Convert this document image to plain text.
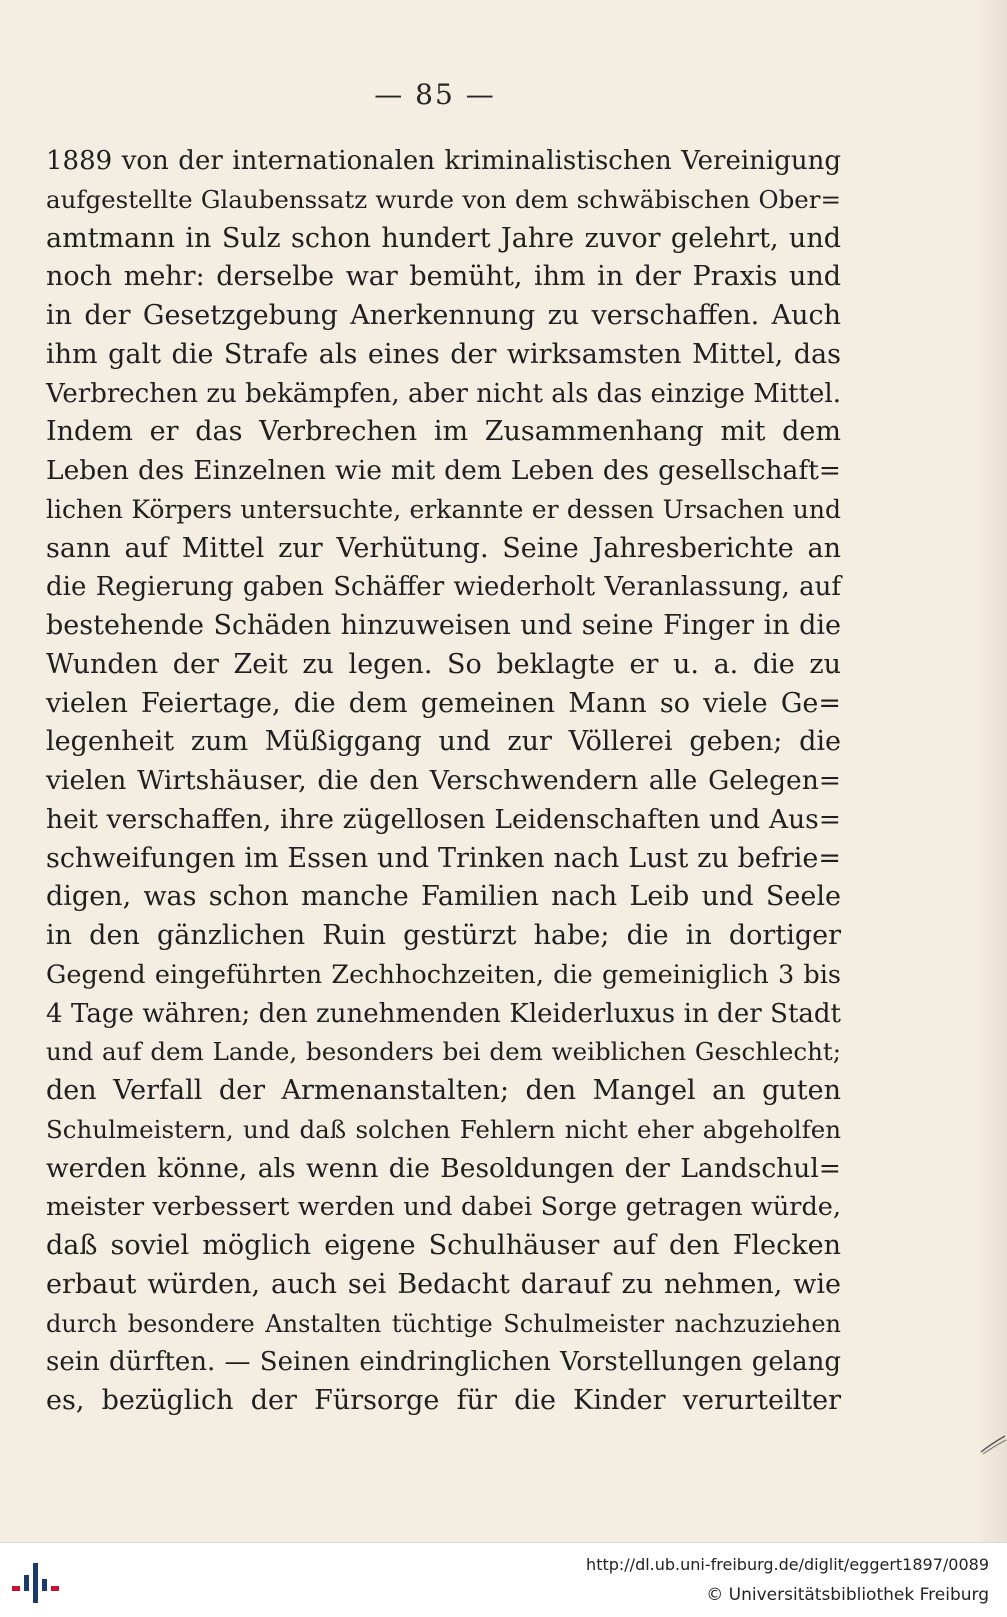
— 85 —
1889 von der internationalen kriminalistischen Vereinigung
aufgestellte Glaubenssatz wurde von dem schwäbischen Ober=
amtmann in Sulz schon hundert Jahre zuvor gelehrt, und
noch mehr: derselbe war bemüht, ihm in der Praxis und
in der Gesetzgebung Anerkennung zu verschaffen. Auch
ihm galt die Strafe als eines der wirksamsten Mittel, das
Verbrechen zu bekämpfen, aber nicht als das einzige Mittel.
Indem er das Verbrechen im Zusammenhang mit dem
Leben des Einzelnen wie mit dem Leben des gesellschaft=
lichen Körpers untersuchte, erkannte er dessen Ursachen und
sann auf Mittel zur Verhütung. Seine Jahresberichte an
die Regierung gaben Schäffer wiederholt Veranlassung, auf
bestehende Schäden hinzuweisen und seine Finger in die
Wunden der Zeit zu legen. So beklagte er u. a. die zu
vielen Feiertage, die dem gemeinen Mann so viele Ge=
legenheit zum Müßiggang und zur Völlerei geben; die
vielen Wirtshäuser, die den Verschwendern alle Gelegen=
heit verschaffen, ihre zügellosen Leidenschaften und Aus=
schweifungen im Essen und Trinken nach Lust zu befrie=
digen, was schon manche Familien nach Leib und Seele
in den gänzlichen Ruin gestürzt habe; die in dortiger
Gegend eingeführten Zechhochzeiten, die gemeiniglich 3 bis
4 Tage währen; den zunehmenden Kleiderluxus in der Stadt
und auf dem Lande, besonders bei dem weiblichen Geschlecht;
den Verfall der Armenanstalten; den Mangel an guten
Schulmeistern, und daß solchen Fehlern nicht eher abgeholfen
werden könne, als wenn die Besoldungen der Landschul=
meister verbessert werden und dabei Sorge getragen würde,
daß soviel möglich eigene Schulhäuser auf den Flecken
erbaut würden, auch sei Bedacht darauf zu nehmen, wie
durch besondere Anstalten tüchtige Schulmeister nachzuziehen
sein dürften. — Seinen eindringlichen Vorstellungen gelang
es, bezüglich der Fürsorge für die Kinder verurteilter
http://dl.ub.uni-freiburg.de/diglit/eggert1897/0089
© Universitätsbibliothek Freiburg
